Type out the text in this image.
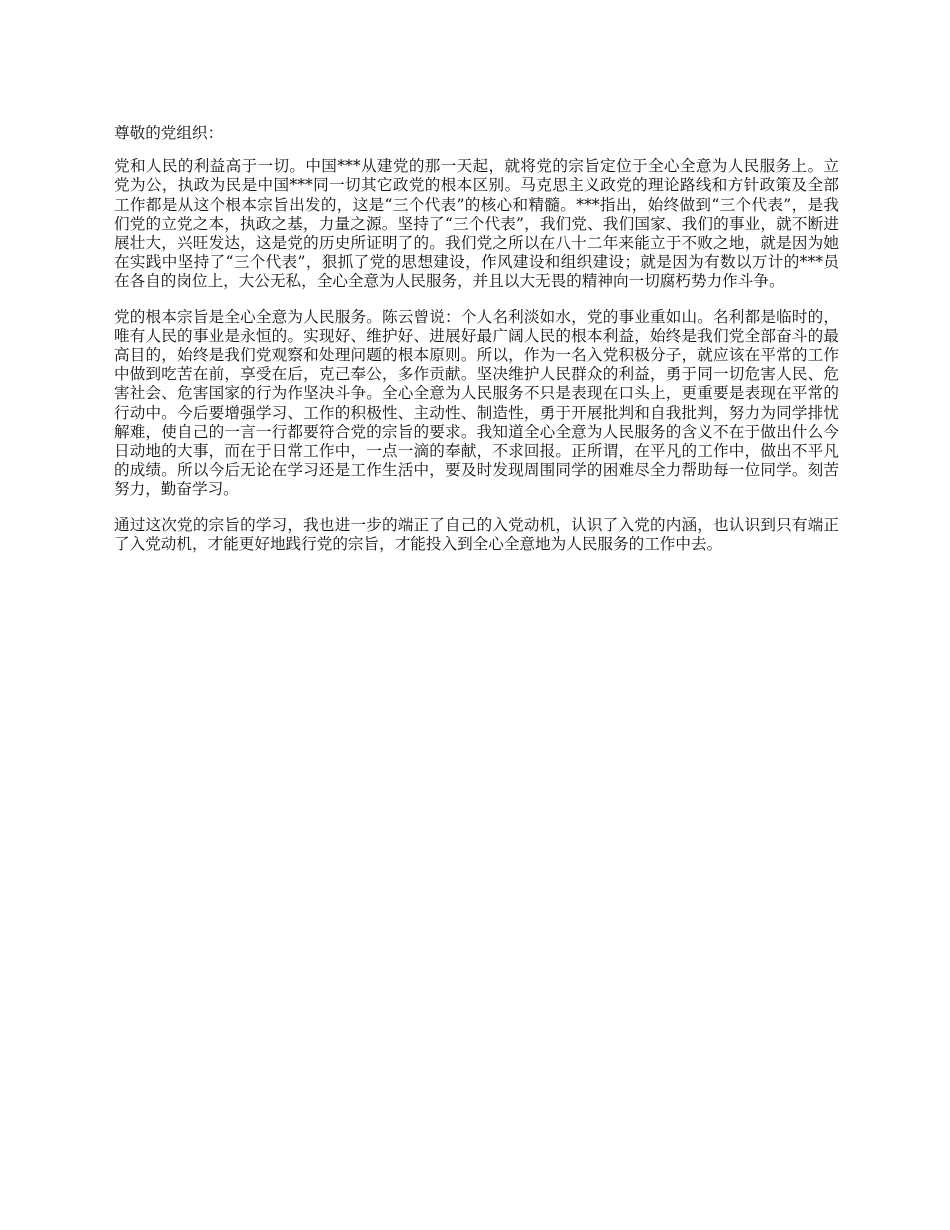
尊敬的党组织：

党和人民的利益高于一切。中国***从建党的那一天起，就将党的宗旨定位于全心全意为人民服务上。立党为公，执政为民是中国***同一切其它政党的根本区别。马克思主义政党的理论路线和方针政策及全部工作都是从这个根本宗旨出发的，这是“三个代表”的核心和精髓。***指出，始终做到“三个代表”，是我们党的立党之本，执政之基，力量之源。坚持了“三个代表”，我们党、我们国家、我们的事业，就不断进展壮大，兴旺发达，这是党的历史所证明了的。我们党之所以在八十二年来能立于不败之地，就是因为她在实践中坚持了“三个代表”，狠抓了党的思想建设，作风建设和组织建设；就是因为有数以万计的***员在各自的岗位上，大公无私，全心全意为人民服务，并且以大无畏的精神向一切腐朽势力作斗争。

党的根本宗旨是全心全意为人民服务。陈云曾说：个人名利淡如水，党的事业重如山。名利都是临时的，唯有人民的事业是永恒的。实现好、维护好、进展好最广阔人民的根本利益，始终是我们党全部奋斗的最高目的，始终是我们党观察和处理问题的根本原则。所以，作为一名入党积极分子，就应该在平常的工作中做到吃苦在前，享受在后，克己奉公，多作贡献。坚决维护人民群众的利益，勇于同一切危害人民、危害社会、危害国家的行为作坚决斗争。全心全意为人民服务不只是表现在口头上，更重要是表现在平常的行动中。今后要增强学习、工作的积极性、主动性、制造性，勇于开展批判和自我批判，努力为同学排忧解难，使自己的一言一行都要符合党的宗旨的要求。我知道全心全意为人民服务的含义不在于做出什么今日动地的大事，而在于日常工作中，一点一滴的奉献，不求回报。正所谓，在平凡的工作中，做出不平凡的成绩。所以今后无论在学习还是工作生活中，要及时发现周围同学的困难尽全力帮助每一位同学。刻苦努力，勤奋学习。

通过这次党的宗旨的学习，我也进一步的端正了自己的入党动机，认识了入党的内涵，也认识到只有端正了入党动机，才能更好地践行党的宗旨，才能投入到全心全意地为人民服务的工作中去。
